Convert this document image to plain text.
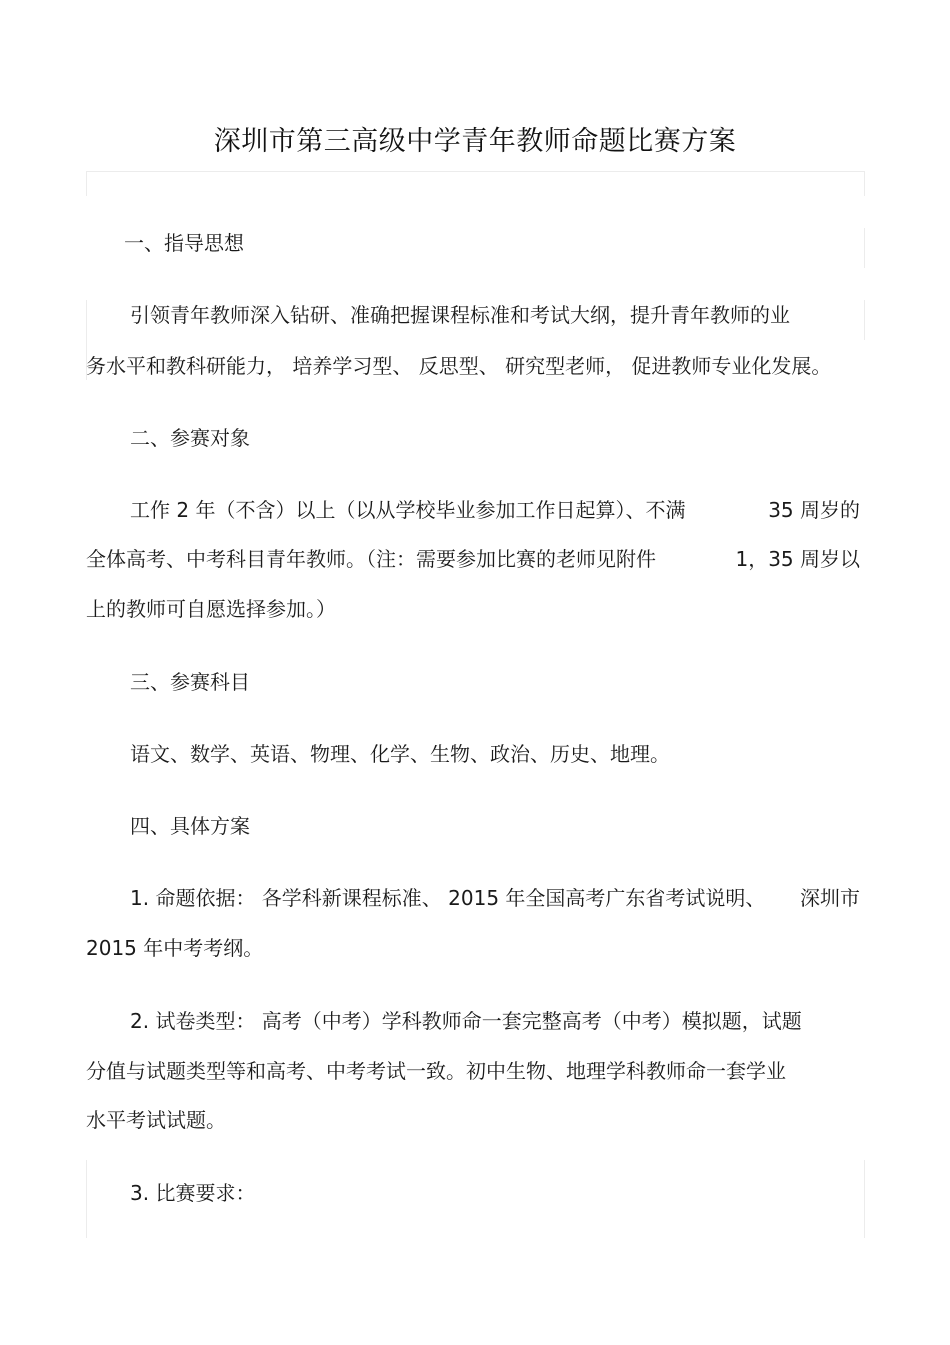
深圳市第三高级中学青年教师命题比赛方案
一、指导思想
引领青年教师深入钻研、准确把握课程标准和考试大纲，提升青年教师的业
务水平和教科研能力， 培养学习型、 反思型、 研究型老师， 促进教师专业化发展。
二、参赛对象
工作 2 年（不含）以上（以从学校毕业参加工作日起算）、不满	35 周岁的
全体高考、中考科目青年教师。（注：需要参加比赛的老师见附件	1，35 周岁以
上的教师可自愿选择参加。）
三、参赛科目
语文、数学、英语、物理、化学、生物、政治、历史、地理。
四、具体方案
1. 命题依据： 各学科新课程标准、 2015 年全国高考广东省考试说明、 深圳市
2015 年中考考纲。
2. 试卷类型： 高考（中考）学科教师命一套完整高考（中考）模拟题，试题
分值与试题类型等和高考、中考考试一致。初中生物、地理学科教师命一套学业
水平考试试题。
3. 比赛要求：
